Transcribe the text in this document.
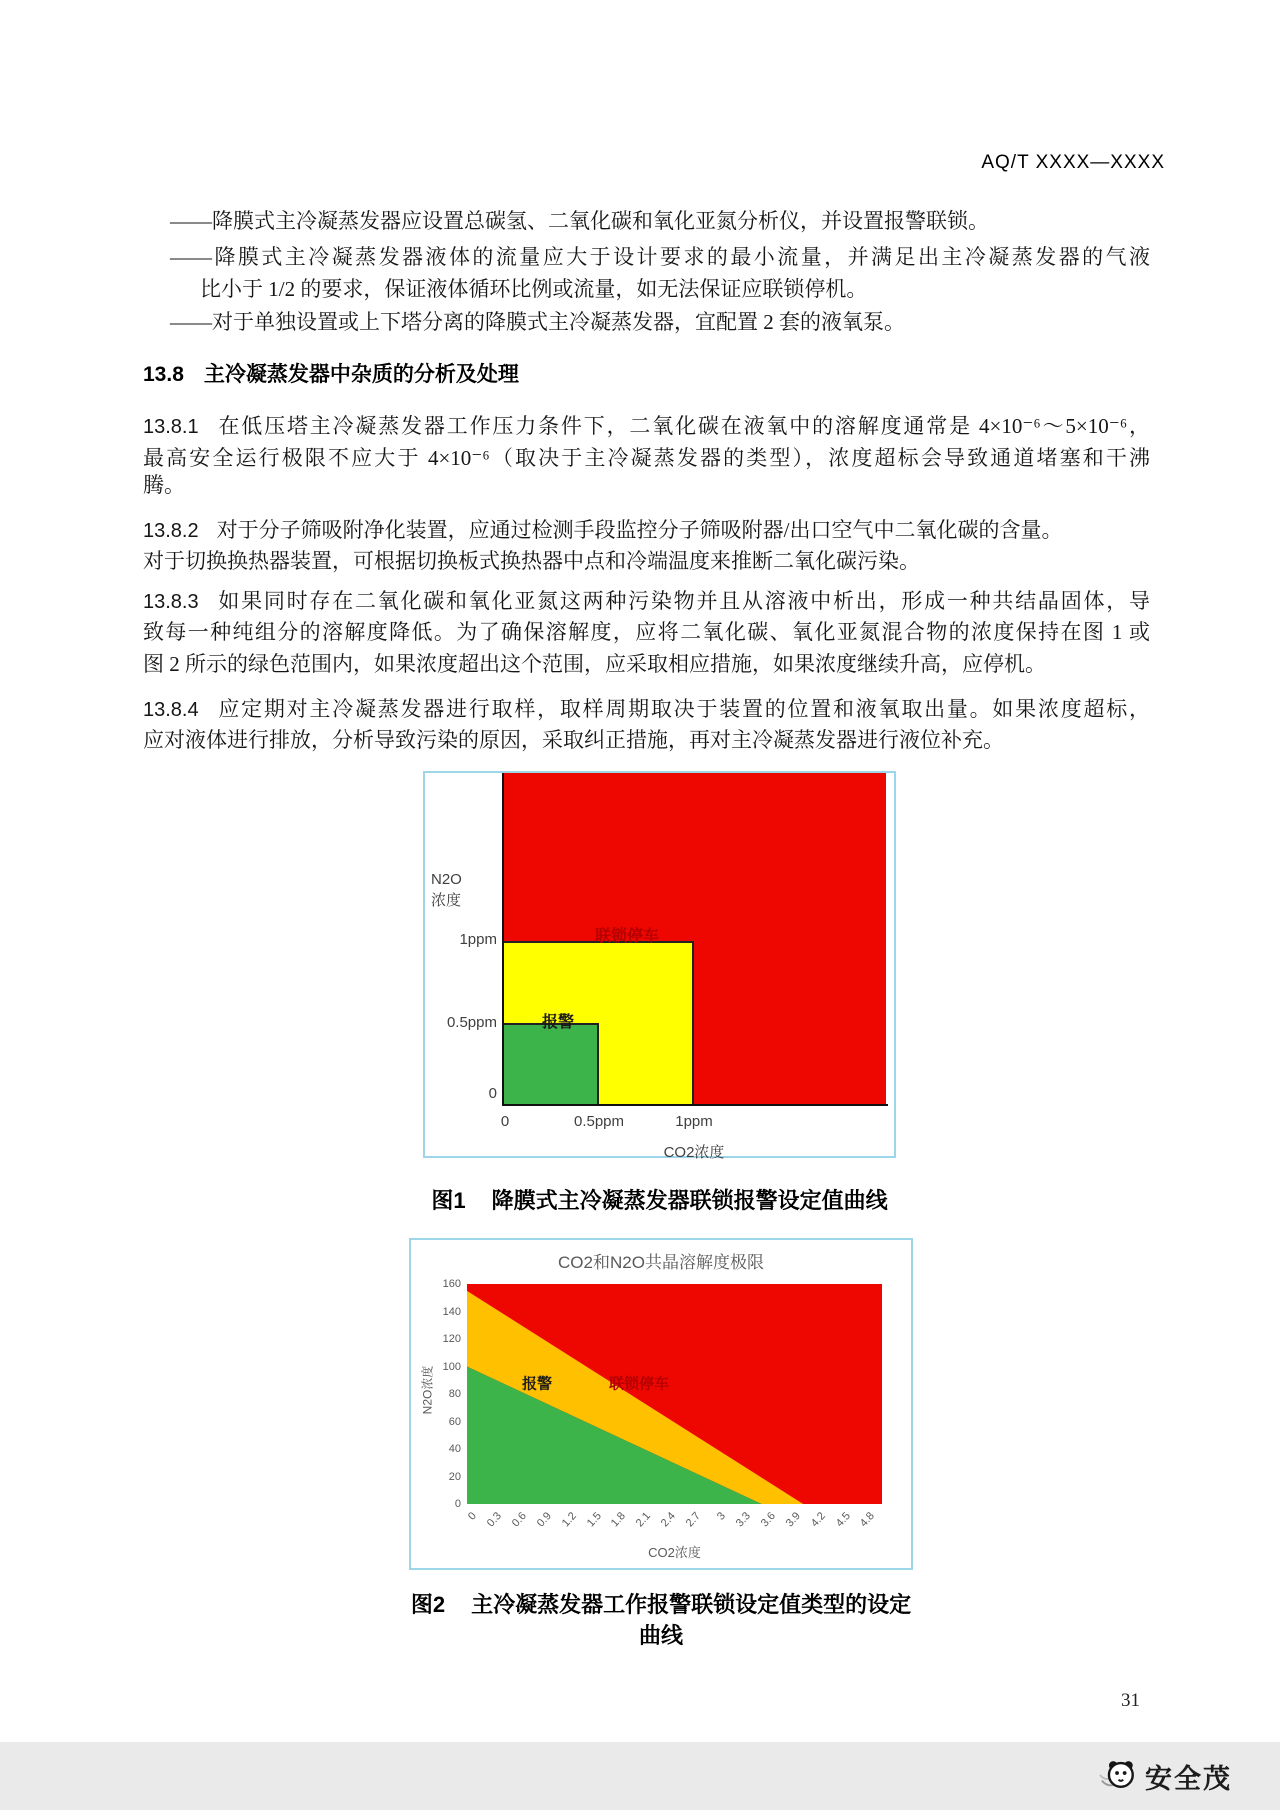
AQ/T XXXX—XXXX
——降膜式主冷凝蒸发器应设置总碳氢、二氧化碳和氧化亚氮分析仪，并设置报警联锁。
——降膜式主冷凝蒸发器液体的流量应大于设计要求的最小流量，并满足出主冷凝蒸发器的气液
比小于 1/2 的要求，保证液体循环比例或流量，如无法保证应联锁停机。
——对于单独设置或上下塔分离的降膜式主冷凝蒸发器，宜配置 2 套的液氧泵。
13.8 主冷凝蒸发器中杂质的分析及处理
13.8.1 在低压塔主冷凝蒸发器工作压力条件下，二氧化碳在液氧中的溶解度通常是 4×10⁻⁶～5×10⁻⁶，
最高安全运行极限不应大于 4×10⁻⁶（取决于主冷凝蒸发器的类型），浓度超标会导致通道堵塞和干沸
腾。
13.8.2 对于分子筛吸附净化装置，应通过检测手段监控分子筛吸附器/出口空气中二氧化碳的含量。
对于切换换热器装置，可根据切换板式换热器中点和冷端温度来推断二氧化碳污染。
13.8.3 如果同时存在二氧化碳和氧化亚氮这两种污染物并且从溶液中析出，形成一种共结晶固体，导
致每一种纯组分的溶解度降低。为了确保溶解度，应将二氧化碳、氧化亚氮混合物的浓度保持在图 1 或
图 2 所示的绿色范围内，如果浓度超出这个范围，应采取相应措施，如果浓度继续升高，应停机。
13.8.4 应定期对主冷凝蒸发器进行取样，取样周期取决于装置的位置和液氧取出量。如果浓度超标，
应对液体进行排放，分析导致污染的原因，采取纠正措施，再对主冷凝蒸发器进行液位补充。
N2O
浓度
1ppm
0.5ppm
0
0	0.5ppm	1ppm
CO2浓度
联锁停车
报警
图1 降膜式主冷凝蒸发器联锁报警设定值曲线
CO2和N2O共晶溶解度极限
160
140
120
100
80
60
40
20
0
0 0.3 0.6 0.9 1.2 1.5 1.8 2.1 2.4 2.7 3 3.3 3.6 3.9 4.2 4.5 4.8
N2O浓度
CO2浓度
报警	联锁停车
图2 主冷凝蒸发器工作报警联锁设定值类型的设定曲线
31
安全茂
